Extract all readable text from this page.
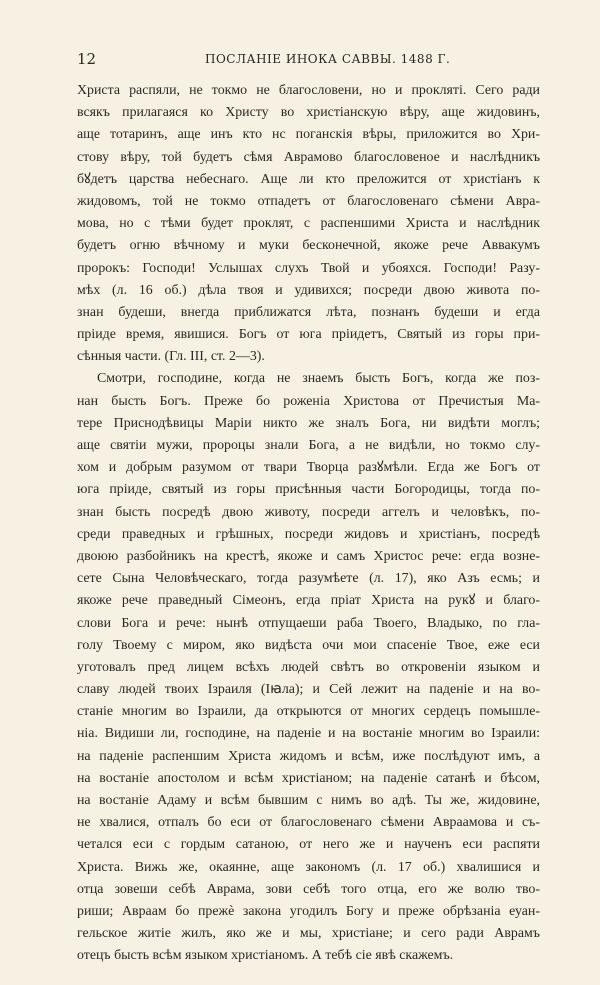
12	ПОСЛАНІЕ ИНОКА САВВЫ. 1488 Г.
Христа распяли, не токмо не благословени, но и проклятi. Сего ради
всякъ прилагаяся ко Христу во христіанскую вѣру, аще жидовинъ,
аще тотаринъ, аще инъ кто нс поганскія вѣры, приложится во Хри-
стову вѣру, той будетъ сѣмя Аврамово благословеное и наслѣдникъ
бꙋдетъ царства небеснаго. Аще ли кто преложится от христіанъ к
жидовомъ, той не токмо отпадетъ от благословенаго сѣмени Авра-
мова, но с тѣми будет проклят, с распеншими Христа и наслѣдник
будетъ огню вѣчному и муки бесконечной, якоже рече Аввакумъ
пророкъ: Господи! Услышах слухъ Твой и убояхся. Господи! Разу-
мѣх (л. 16 об.) дѣла твоя и удивихся; посреди двою живота по-
знан будеши, внегда приближатся лѣта, познанъ будеши и егда
пріиде время, явишися. Богъ от юга пріидетъ, Святый из горы при-
сѣнныя части. (Гл. III, ст. 2—3).
Смотри, господине, когда не знаемъ бысть Богъ, когда же поз-
нан бысть Богъ. Преже бо роженіа Христова от Пречистыя Ма-
тере Приснодѣвицы Маріи никто же зналъ Бога, ни видѣти моглъ;
аще святіи мужи, пророцы знали Бога, а не видѣли, но токмо слу-
хом и добрым разумом от твари Творца разꙋмѣли. Егда же Богъ от
юга пріиде, святый из горы присѣнныя части Богородицы, тогда по-
знан бысть посредѣ двою животу, посреди аггелъ и человѣкъ, по-
среди праведных и грѣшных, посреди жидовъ и христіанъ, посредѣ
двоюю разбойникъ на крестѣ, якоже и самъ Христос рече: егда возне-
сете Сына Человѣческаго, тогда разумѣете (л. 17), яко Азъ есмь; и
якоже рече праведный Сімеонъ, егда пріат Христа на рукꙋ и благо-
слови Бога и рече: нынѣ отпущаеши раба Твоего, Владыко, по гла-
голу Твоему с миром, яко видѣста очи мои спасеніе Твое, еже еси
уготовалъ пред лицем всѣхъ людей свѣтъ во откровеніи языком и
славу людей твоих Ізраиля (Iꙗла); и Сей лежит на паденіе и на во-
станіе многим во Ізраили, да открыются от многих сердецъ помышле-
ніа. Видиши ли, господине, на паденіе и на востаніе многим во Ізраили:
на паденіе распеншим Христа жидомъ и всѣм, иже послѣдуют имъ, а
на востаніе апостолом и всѣм христіаном; на паденіе сатанѣ и бѣсом,
на востаніе Адаму и всѣм бывшим с нимъ во адѣ. Ты же, жидовине,
не хвалися, отпалъ бо еси от благословенаго сѣмени Авраамова и съ-
четался еси с гордым сатаною, от него же и наученъ еси распяти
Христа. Вижь же, окаянне, аще закономъ (л. 17 об.) хвалишися и
отца зовеши себѣ Аврама, зови себѣ того отца, его же волю тво-
риши; Авраам бо прежѐ закона угодилъ Богу и преже обрѣзаніа еуан-
гельское житіе жилъ, яко же и мы, христіане; и сего ради Аврамъ
отецъ бысть всѣм языком христіаномъ. А тебѣ сіе явѣ скажемъ.
